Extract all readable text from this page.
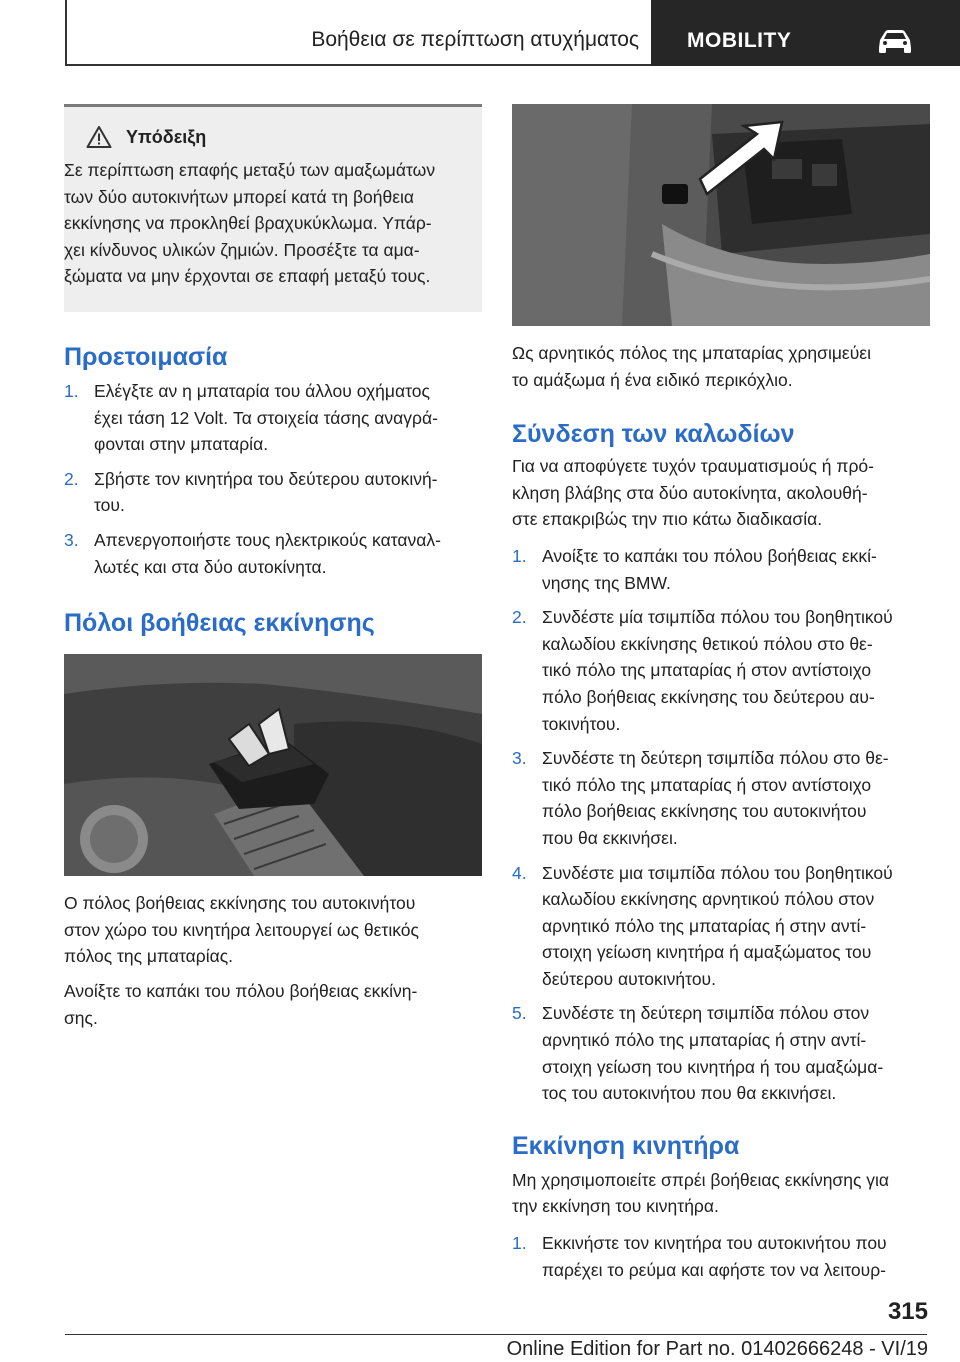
Βοήθεια σε περίπτωση ατυχήματος MOBILITY
Υπόδειξη
Σε περίπτωση επαφής μεταξύ των αμαξωμάτων
των δύο αυτοκινήτων μπορεί κατά τη βοήθεια
εκκίνησης να προκληθεί βραχυκύκλωμα. Υπάρ‐
χει κίνδυνος υλικών ζημιών. Προσέξτε τα αμα‐
ξώματα να μην έρχονται σε επαφή μεταξύ τους.
Προετοιμασία
1. Ελέγξτε αν η μπαταρία του άλλου οχήματος
έχει τάση 12 Volt. Τα στοιχεία τάσης αναγρά‐
φονται στην μπαταρία.
2. Σβήστε τον κινητήρα του δεύτερου αυτοκινή‐
του.
3. Απενεργοποιήστε τους ηλεκτρικούς καταναλ‐
λωτές και στα δύο αυτοκίνητα.
Πόλοι βοήθειας εκκίνησης

Ο πόλος βοήθειας εκκίνησης του αυτοκινήτου
στον χώρο του κινητήρα λειτουργεί ως θετικός
πόλος της μπαταρίας.

Ανοίξτε το καπάκι του πόλου βοήθειας εκκίνη‐
σης.

Ως αρνητικός πόλος της μπαταρίας χρησιμεύει
το αμάξωμα ή ένα ειδικό περικόχλιο.

Σύνδεση των καλωδίων

Για να αποφύγετε τυχόν τραυματισμούς ή πρό‐
κληση βλάβης στα δύο αυτοκίνητα, ακολουθή‐
στε επακριβώς την πιο κάτω διαδικασία.

1. Ανοίξτε το καπάκι του πόλου βοήθειας εκκί‐
νησης της BMW.
2. Συνδέστε μία τσιμπίδα πόλου του βοηθητικού
καλωδίου εκκίνησης θετικού πόλου στο θε‐
τικό πόλο της μπαταρίας ή στον αντίστοιχο
πόλο βοήθειας εκκίνησης του δεύτερου αυ‐
τοκινήτου.
3. Συνδέστε τη δεύτερη τσιμπίδα πόλου στο θε‐
τικό πόλο της μπαταρίας ή στον αντίστοιχο
πόλο βοήθειας εκκίνησης του αυτοκινήτου
που θα εκκινήσει.
4. Συνδέστε μια τσιμπίδα πόλου του βοηθητικού
καλωδίου εκκίνησης αρνητικού πόλου στον
αρνητικό πόλο της μπαταρίας ή στην αντί‐
στοιχη γείωση κινητήρα ή αμαξώματος του
δεύτερου αυτοκινήτου.
5. Συνδέστε τη δεύτερη τσιμπίδα πόλου στον
αρνητικό πόλο της μπαταρίας ή στην αντί‐
στοιχη γείωση του κινητήρα ή του αμαξώμα‐
τος του αυτοκινήτου που θα εκκινήσει.
Εκκίνηση κινητήρα

Μη χρησιμοποιείτε σπρέι βοήθειας εκκίνησης για
την εκκίνηση του κινητήρα.

1. Εκκινήστε τον κινητήρα του αυτοκινήτου που
παρέχει το ρεύμα και αφήστε τον να λειτουρ‐
315
Online Edition for Part no. 01402666248 - VI/19
